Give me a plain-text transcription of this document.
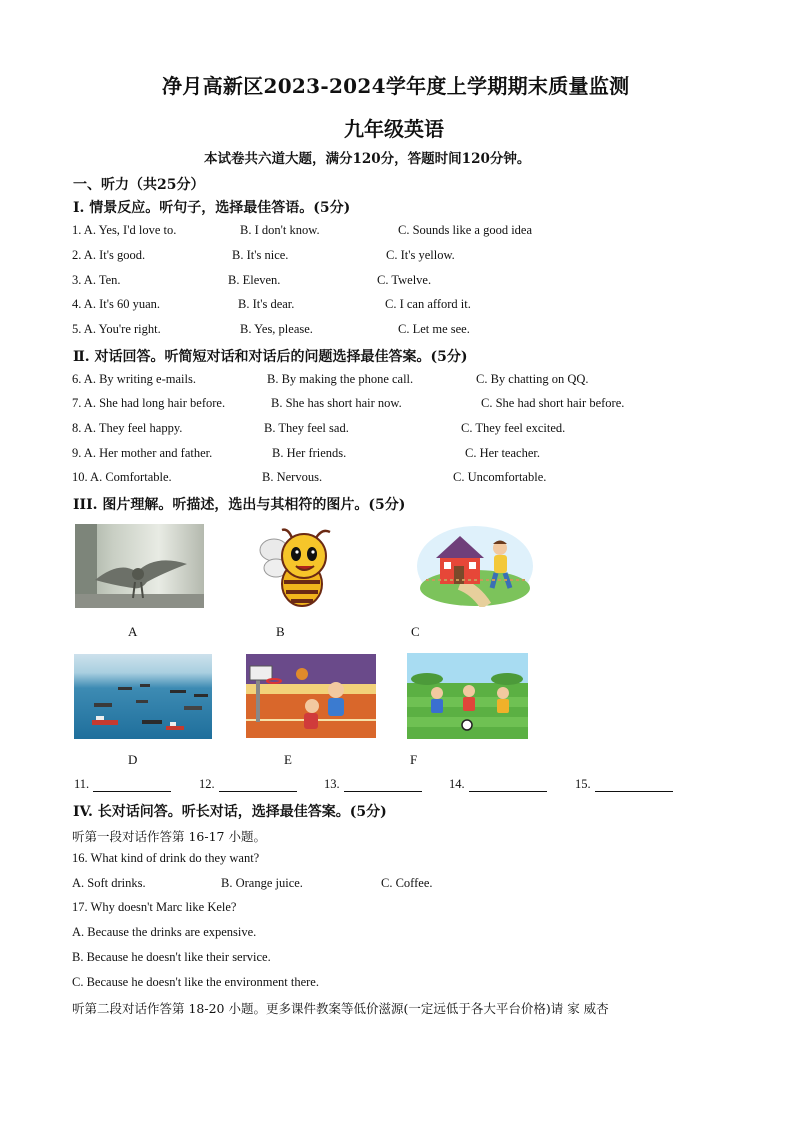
净月高新区2023-2024学年度上学期期末质量监测
九年级英语
本试卷共六道大题，满分120分，答题时间120分钟。
一、听力（共25分）
I. 情景反应。听句子，选择最佳答语。(5分)
1. A. Yes, I'd love to.	B. I don't know.	C. Sounds like a good idea
2. A. It's good.	B. It's nice.	C. It's yellow.
3. A. Ten.	B. Eleven.	C. Twelve.
4. A. It's 60 yuan.	B. It's dear.	C. I can afford it.
5. A. You're right.	B. Yes, please.	C. Let me see.
Ⅱ. 对话回答。听简短对话和对话后的问题选择最佳答案。(5分)
6. A. By writing e-mails.	B. By making the phone call.	C. By chatting on QQ.
7. A. She had long hair before.	B. She has short hair now.	C. She had short hair before.
8. A. They feel happy.	B. They feel sad.	C. They feel excited.
9. A. Her mother and father.	B. Her friends.	C. Her teacher.
10. A. Comfortable.	B. Nervous.	C. Uncomfortable.
III. 图片理解。听描述，选出与其相符的图片。(5分)
A	B	C
D	E	F
11.	12.	13.	14.	15.
IV. 长对话问答。听长对话，选择最佳答案。(5分)
听第一段对话作答第 16-17 小题。
16. What kind of drink do they want?
A. Soft drinks.	B. Orange juice.	C. Coffee.
17. Why doesn't Marc like Kele?
A. Because the drinks are expensive.
B. Because he doesn't like their service.
C. Because he doesn't like the environment there.
听第二段对话作答第 18-20 小题。更多课件教案等低价滋源(一定远低于各大平台价格)请 家 威杏
